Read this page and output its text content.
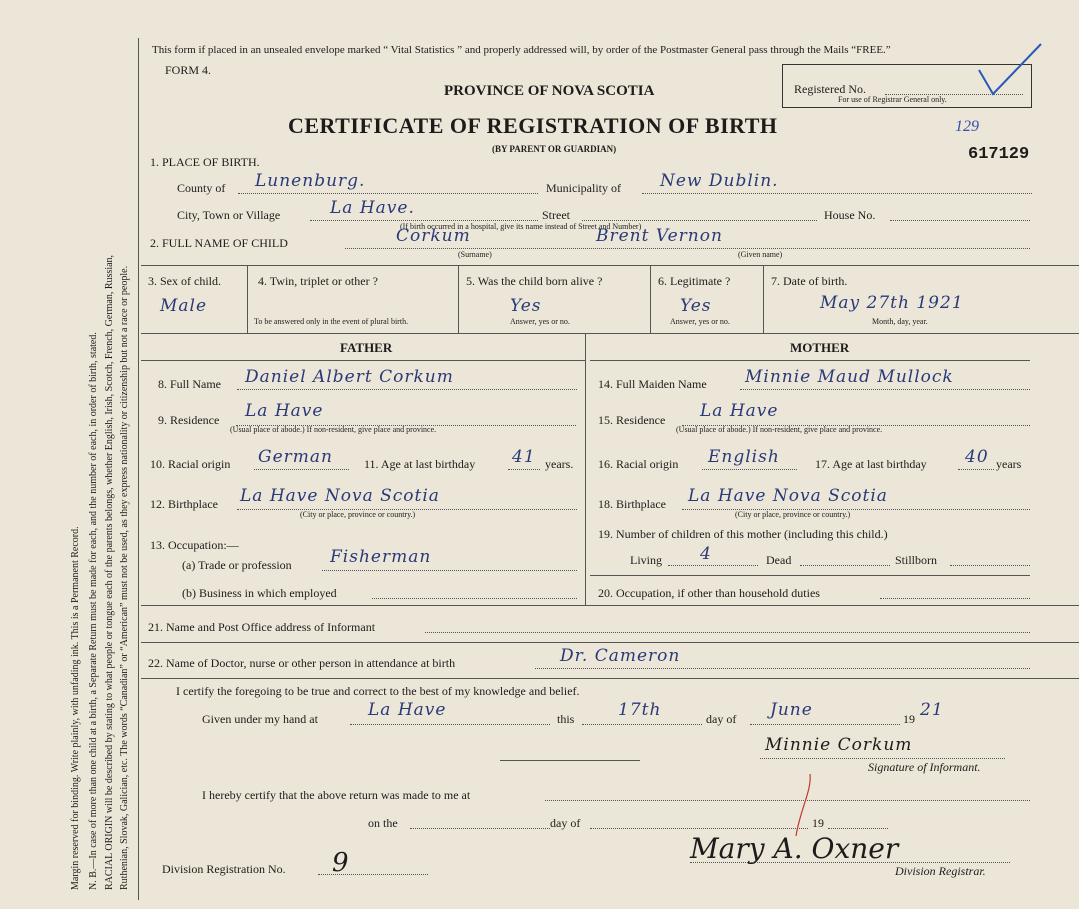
Margin reserved for binding. Write plainly, with unfading ink. This is a Permanent Record. N. B.—In case of more than one child at a birth, a Separate Return must be made for each, and the number of each, in order of birth, stated. RACIAL ORIGIN will be described by stating to what people or tongue each of the parents belongs, whether English, Irish, Scotch, French, German, Russian, Ruthenian, Slovak, Galician, etc. The words “Canadian” or “American” must not be used, as they express nationality or citizenship but not a race or people.
This form if placed in an unsealed envelope marked “ Vital Statistics ” and properly addressed will, by order of the Postmaster General pass through the Mails “FREE.”
FORM 4.
PROVINCE OF NOVA SCOTIA
CERTIFICATE OF REGISTRATION OF BIRTH
(BY PARENT OR GUARDIAN)
Registered No.
For use of Registrar General only.
129
617129
1. PLACE OF BIRTH.
County of Lunenburg.	Municipality of New Dublin.
City, Town or Village	La Have.	Street	House No.
(If birth occurred in a hospital, give its name instead of Street and Number)
2. FULL NAME OF CHILD	Corkum	Brent Vernon
(Surname)	(Given name)
3. Sex of child.
Male
4. Twin, triplet or other ?
To be answered only in the event of plural birth.
5. Was the child born alive ?
Yes
Answer, yes or no.
6. Legitimate ?
Yes
Answer, yes or no.
7. Date of birth.
May 27th 1921
Month, day, year.
FATHER	MOTHER
8. Full Name Daniel Albert Corkum
9. Residence La Have
(Usual place of abode.) If non-resident, give place and province.
10. Racial origin German	11. Age at last birthday 41 years.
12. Birthplace La Have Nova Scotia
(City or place, province or country.)
13. Occupation:—
(a) Trade or profession Fisherman
(b) Business in which employed
14. Full Maiden Name Minnie Maud Mullock
15. Residence La Have
(Usual place of abode.) If non-resident, give place and province.
16. Racial origin English	17. Age at last birthday 40 years
18. Birthplace La Have Nova Scotia
(City or place, province or country.)
19. Number of children of this mother (including this child.)
Living 4	Dead	Stillborn
20. Occupation, if other than household duties
21. Name and Post Office address of Informant
22. Name of Doctor, nurse or other person in attendance at birth	Dr. Cameron
I certify the foregoing to be true and correct to the best of my knowledge and belief.
Given under my hand at	La Have	this	17th	day of June	19 21
Minnie Corkum
Signature of Informant.
I hereby certify that the above return was made to me at
on the	day of	19
Division Registration No. 9	Mary A. Oxner
Division Registrar.
